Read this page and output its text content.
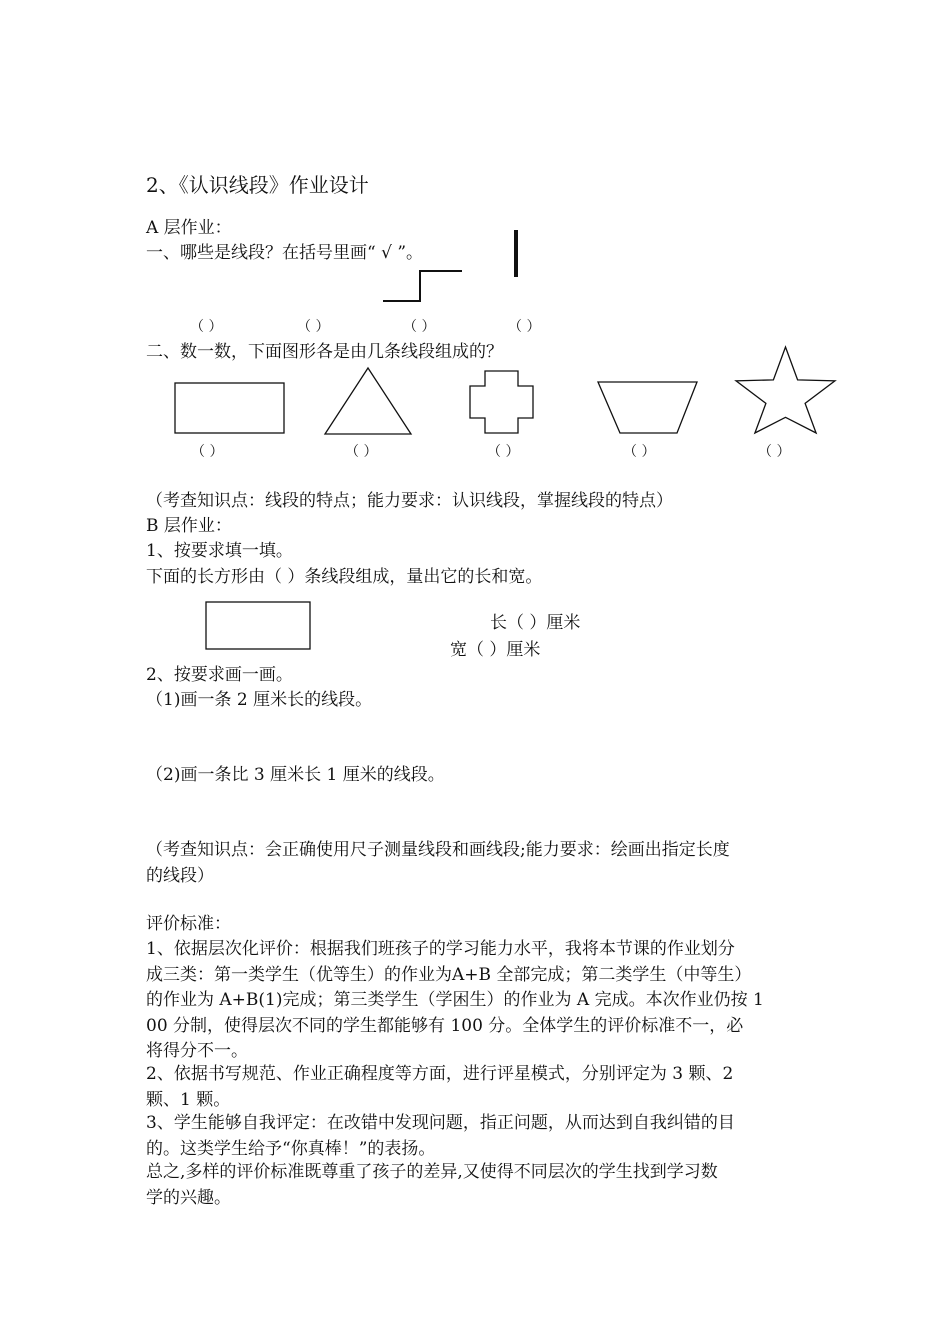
2、《认识线段》作业设计
A 层作业：
一、哪些是线段？在括号里画“ √ ”。
（ ）	（ ）	（ ）	（ ）
二、数一数，下面图形各是由几条线段组成的？
（ ）	（ ）	（ ）	（ ）	（ ）
（考查知识点：线段的特点；能力要求：认识线段，掌握线段的特点）
B 层作业：
1、按要求填一填。
下面的长方形由（ ）条线段组成，量出它的长和宽。
长（ ）厘米
宽（ ）厘米
2、按要求画一画。
（1)画一条 2 厘米长的线段。
（2)画一条比 3 厘米长 1 厘米的线段。
（考查知识点：会正确使用尺子测量线段和画线段;能力要求：绘画出指定长度
的线段）
评价标准：
1、依据层次化评价：根据我们班孩子的学习能力水平，我将本节课的作业划分
成三类：第一类学生（优等生）的作业为A+B 全部完成；第二类学生（中等生）
的作业为 A+B(1)完成；第三类学生（学困生）的作业为 A 完成。本次作业仍按 1
00 分制，使得层次不同的学生都能够有 100 分。全体学生的评价标准不一，必
将得分不一。
2、依据书写规范、作业正确程度等方面，进行评星模式，分别评定为 3 颗、2
颗、1 颗。
3、学生能够自我评定：在改错中发现问题，指正问题，从而达到自我纠错的目
的。这类学生给予“你真棒！”的表扬。
总之,多样的评价标准既尊重了孩子的差异,又使得不同层次的学生找到学习数
学的兴趣。
